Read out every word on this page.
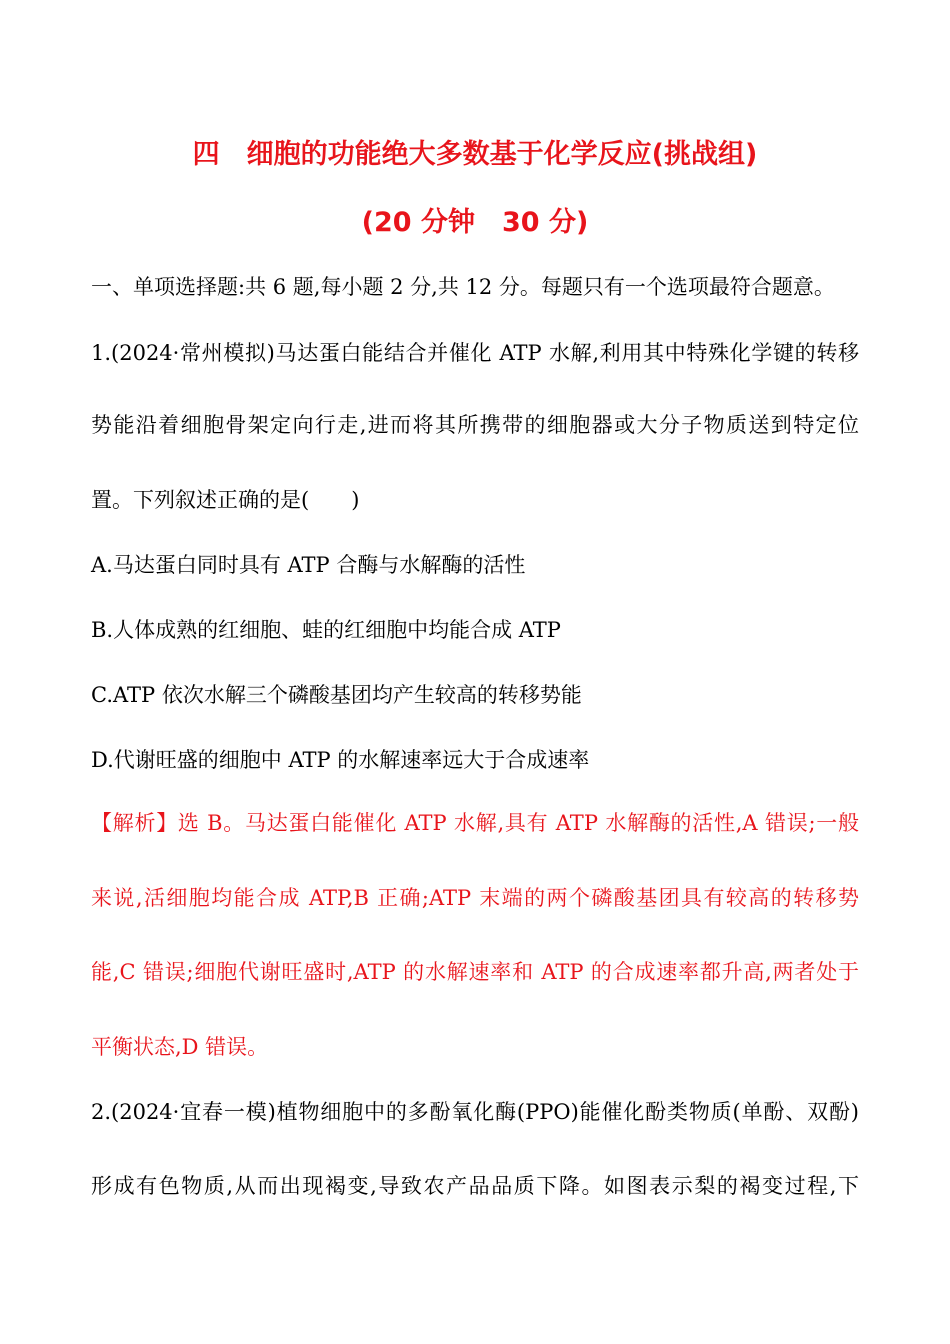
四　细胞的功能绝大多数基于化学反应(挑战组)
(20 分钟　30 分)
一、单项选择题:共 6 题,每小题 2 分,共 12 分。每题只有一个选项最符合题意。
1.(2024·常州模拟)马达蛋白能结合并催化 ATP 水解,利用其中特殊化学键的转移
势能沿着细胞骨架定向行走,进而将其所携带的细胞器或大分子物质送到特定位
置。下列叙述正确的是(　　)
A.马达蛋白同时具有 ATP 合酶与水解酶的活性
B.人体成熟的红细胞、蛙的红细胞中均能合成 ATP
C.ATP 依次水解三个磷酸基团均产生较高的转移势能
D.代谢旺盛的细胞中 ATP 的水解速率远大于合成速率
【解析】选 B。马达蛋白能催化 ATP 水解,具有 ATP 水解酶的活性,A 错误;一般
来说,活细胞均能合成 ATP,B 正确;ATP 末端的两个磷酸基团具有较高的转移势
能,C 错误;细胞代谢旺盛时,ATP 的水解速率和 ATP 的合成速率都升高,两者处于
平衡状态,D 错误。
2.(2024·宜春一模)植物细胞中的多酚氧化酶(PPO)能催化酚类物质(单酚、双酚)
形成有色物质,从而出现褐变,导致农产品品质下降。如图表示梨的褐变过程,下
